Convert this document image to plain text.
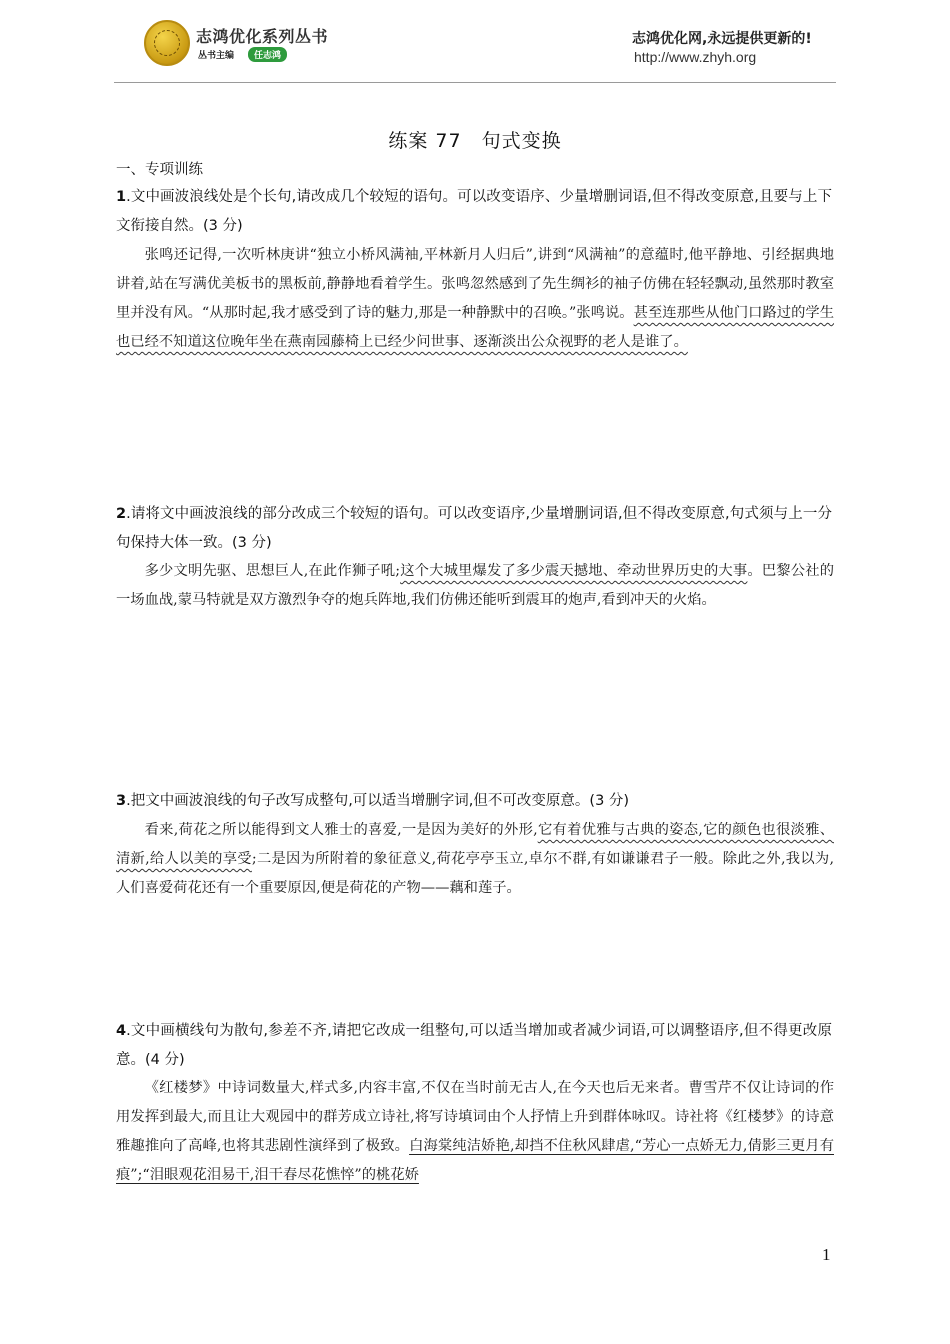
志鸿优化系列丛书
丛书主编	任志鸿
志鸿优化网,永远提供更新的!
http://www.zhyh.org
练案 77　句式变换
一、专项训练
1.文中画波浪线处是个长句,请改成几个较短的语句。可以改变语序、少量增删词语,但不得改变原意,且要与上下文衔接自然。(3 分)
张鸣还记得,一次听林庚讲“独立小桥风满袖,平林新月人归后”,讲到“风满袖”的意蕴时,他平静地、引经据典地讲着,站在写满优美板书的黑板前,静静地看着学生。张鸣忽然感到了先生绸衫的袖子仿佛在轻轻飘动,虽然那时教室里并没有风。“从那时起,我才感受到了诗的魅力,那是一种静默中的召唤。”张鸣说。甚至连那些从他门口路过的学生也已经不知道这位晚年坐在燕南园藤椅上已经少问世事、逐渐淡出公众视野的老人是谁了。
2.请将文中画波浪线的部分改成三个较短的语句。可以改变语序,少量增删词语,但不得改变原意,句式须与上一分句保持大体一致。(3 分)
多少文明先驱、思想巨人,在此作狮子吼;这个大城里爆发了多少震天撼地、牵动世界历史的大事。巴黎公社的一场血战,蒙马特就是双方激烈争夺的炮兵阵地,我们仿佛还能听到震耳的炮声,看到冲天的火焰。
3.把文中画波浪线的句子改写成整句,可以适当增删字词,但不可改变原意。(3 分)
看来,荷花之所以能得到文人雅士的喜爱,一是因为美好的外形,它有着优雅与古典的姿态,它的颜色也很淡雅、清新,给人以美的享受;二是因为所附着的象征意义,荷花亭亭玉立,卓尔不群,有如谦谦君子一般。除此之外,我以为,人们喜爱荷花还有一个重要原因,便是荷花的产物——藕和莲子。
4.文中画横线句为散句,参差不齐,请把它改成一组整句,可以适当增加或者减少词语,可以调整语序,但不得更改原意。(4 分)
《红楼梦》中诗词数量大,样式多,内容丰富,不仅在当时前无古人,在今天也后无来者。曹雪芹不仅让诗词的作用发挥到最大,而且让大观园中的群芳成立诗社,将写诗填词由个人抒情上升到群体咏叹。诗社将《红楼梦》的诗意雅趣推向了高峰,也将其悲剧性演绎到了极致。白海棠纯洁娇艳,却挡不住秋风肆虐,“芳心一点娇无力,倩影三更月有痕”;“泪眼观花泪易干,泪干春尽花憔悴”的桃花娇
1
